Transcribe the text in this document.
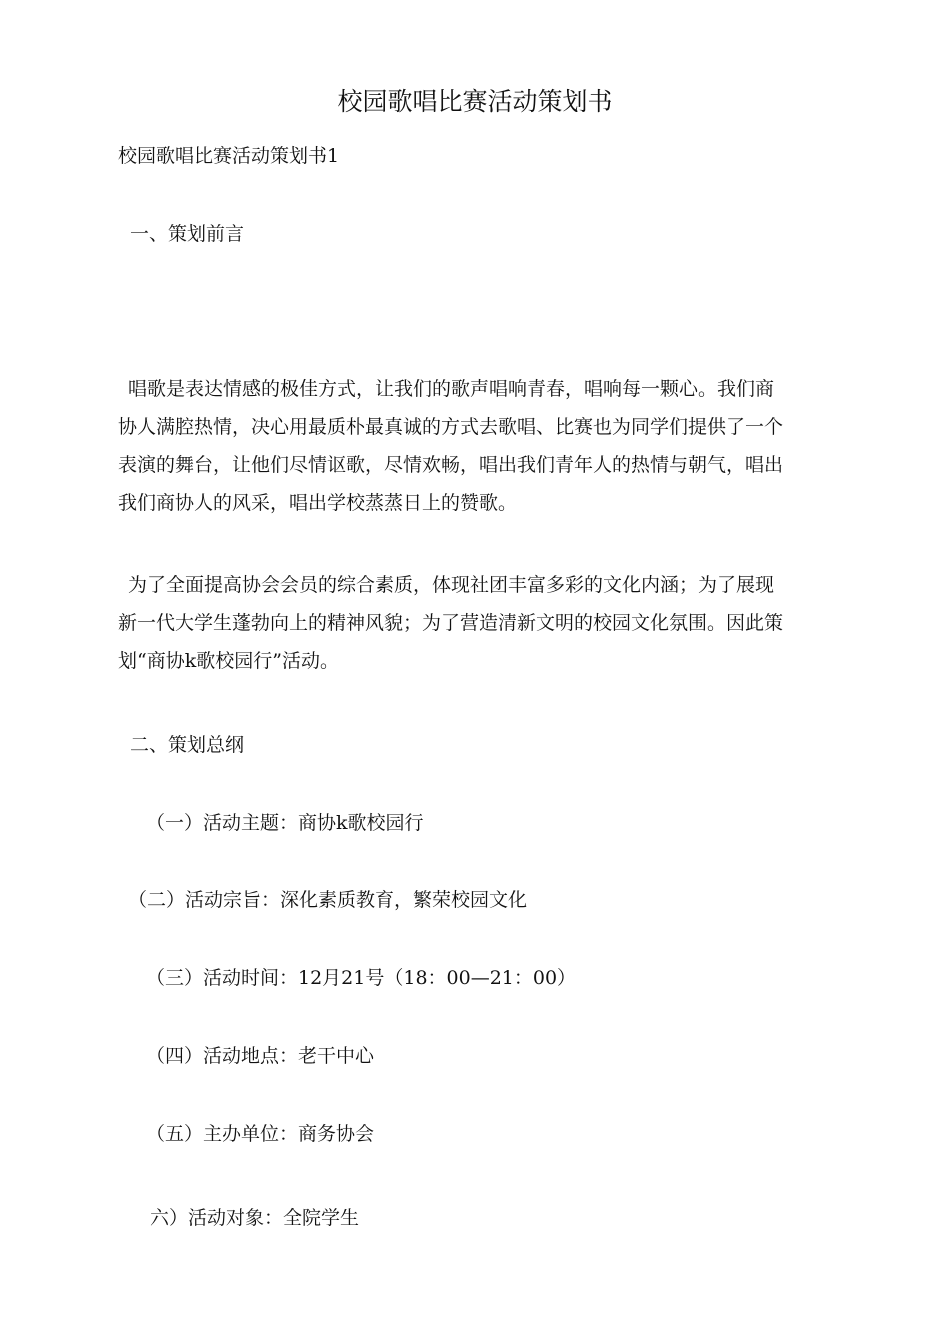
校园歌唱比赛活动策划书

校园歌唱比赛活动策划书1

一、策划前言

唱歌是表达情感的极佳方式，让我们的歌声唱响青春，唱响每一颗心。我们商
协人满腔热情，决心用最质朴最真诚的方式去歌唱、比赛也为同学们提供了一个
表演的舞台，让他们尽情讴歌，尽情欢畅，唱出我们青年人的热情与朝气，唱出
我们商协人的风采，唱出学校蒸蒸日上的赞歌。

为了全面提高协会会员的综合素质，体现社团丰富多彩的文化内涵；为了展现
新一代大学生蓬勃向上的精神风貌；为了营造清新文明的校园文化氛围。因此策
划“商协k歌校园行”活动。

二、策划总纲

（一）活动主题：商协k歌校园行

（二）活动宗旨：深化素质教育，繁荣校园文化

（三）活动时间：12月21号（18：00—21：00）

（四）活动地点：老干中心

（五）主办单位：商务协会

六）活动对象：全院学生
